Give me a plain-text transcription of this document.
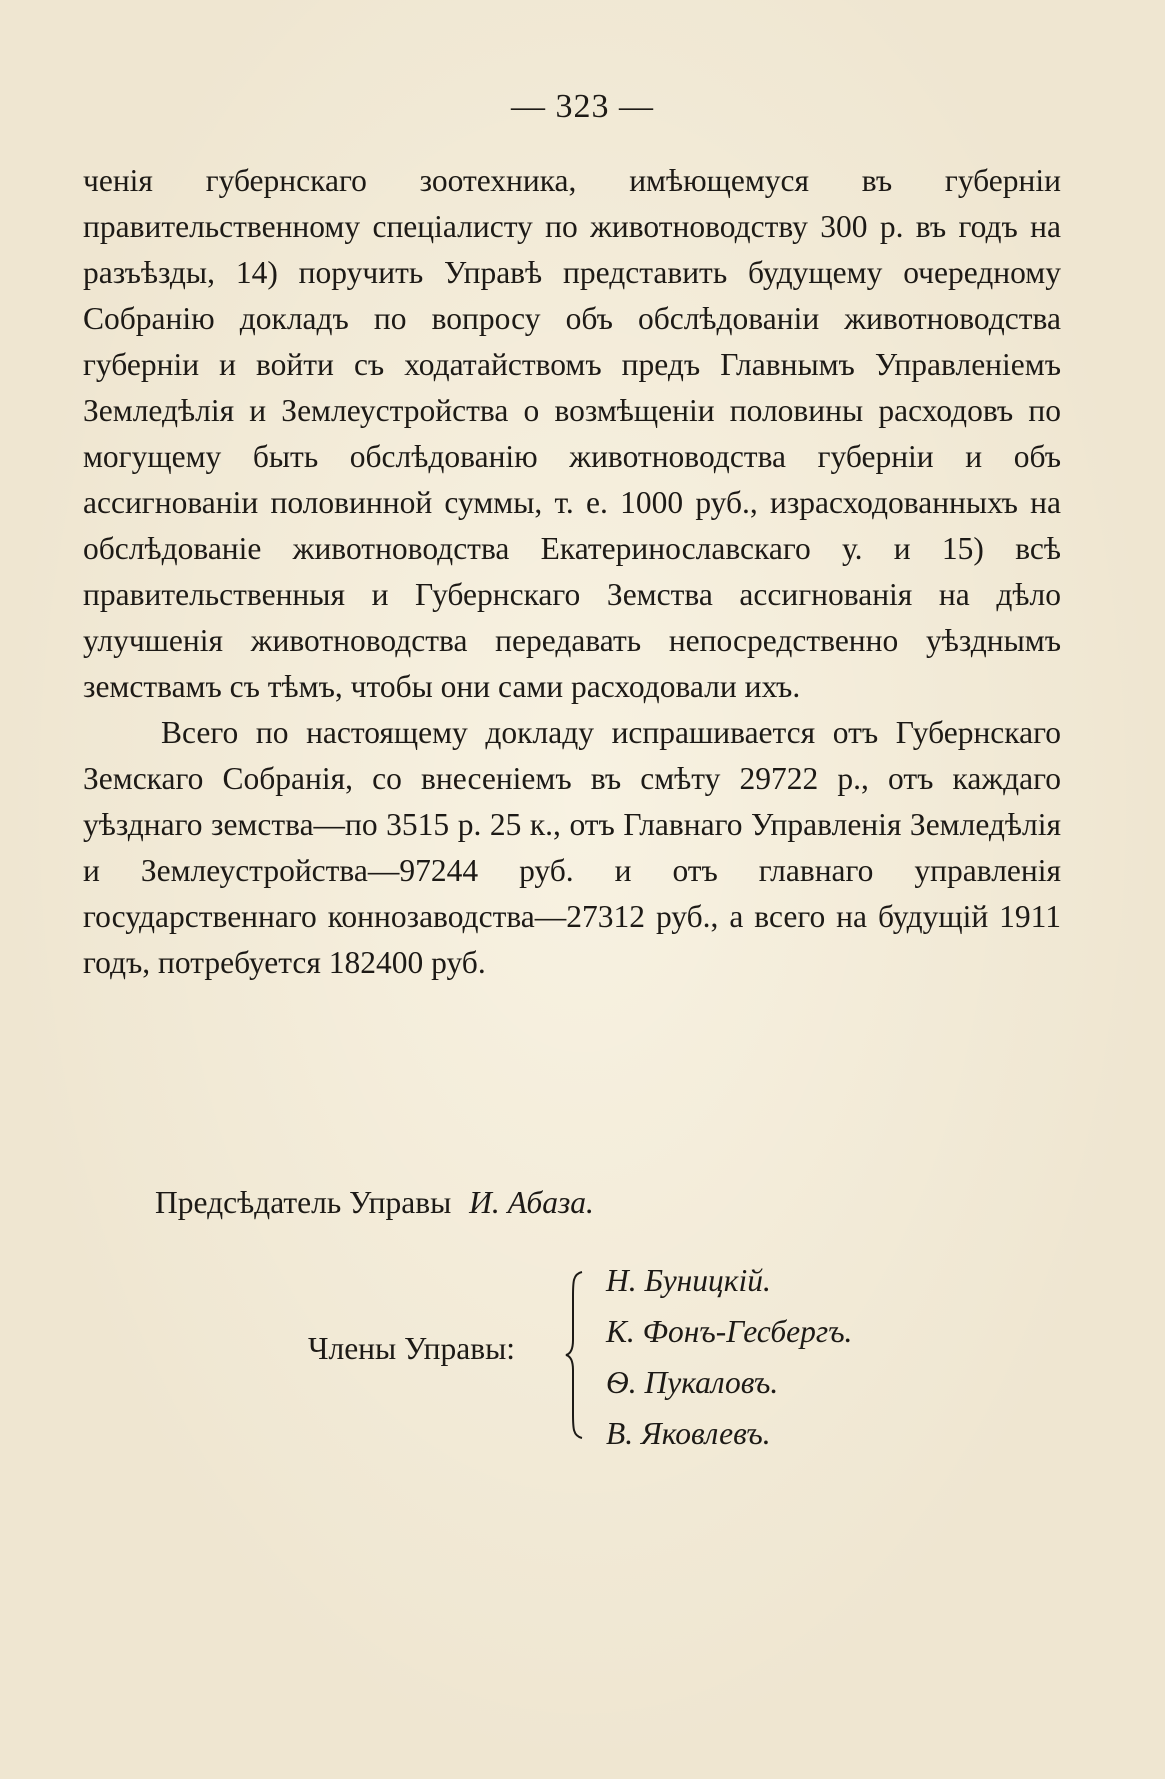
— 323 —

ченія губернскаго зоотехника, имѣющемуся въ губерніи правительственному спеціалисту по животноводству 300 р. въ годъ на разъѣзды, 14) поручить Управѣ представить будущему очередному Собранію докладъ по вопросу объ обслѣдованіи животноводства губерніи и войти съ ходатайствомъ предъ Главнымъ Управленіемъ Земледѣлія и Землеустройства о возмѣщеніи половины расходовъ по могущему быть обслѣдованію животноводства губерніи и объ ассигнованіи половинной суммы, т. е. 1000 руб., израсходованныхъ на обслѣдованіе животноводства Екатеринославскаго у. и 15) всѣ правительственныя и Губернскаго Земства ассигнованія на дѣло улучшенія животноводства передавать непосредственно уѣзднымъ земствамъ съ тѣмъ, чтобы они сами расходовали ихъ.

Всего по настоящему докладу испрашивается отъ Губернскаго Земскаго Собранія, со внесеніемъ въ смѣту 29722 р., отъ каждаго уѣзднаго земства—по 3515 р. 25 к., отъ Главнаго Управленія Земледѣлія и Землеустройства—97244 руб. и отъ главнаго управленія государственнаго коннозаводства—27312 руб., а всего на будущій 1911 годъ, потребуется 182400 руб.

Предсѣдатель Управы И. Абаза.
Члены Управы:
Н. Буницкій.
К. Фонъ-Гесбергъ.
Ѳ. Пукаловъ.
В. Яковлевъ.
